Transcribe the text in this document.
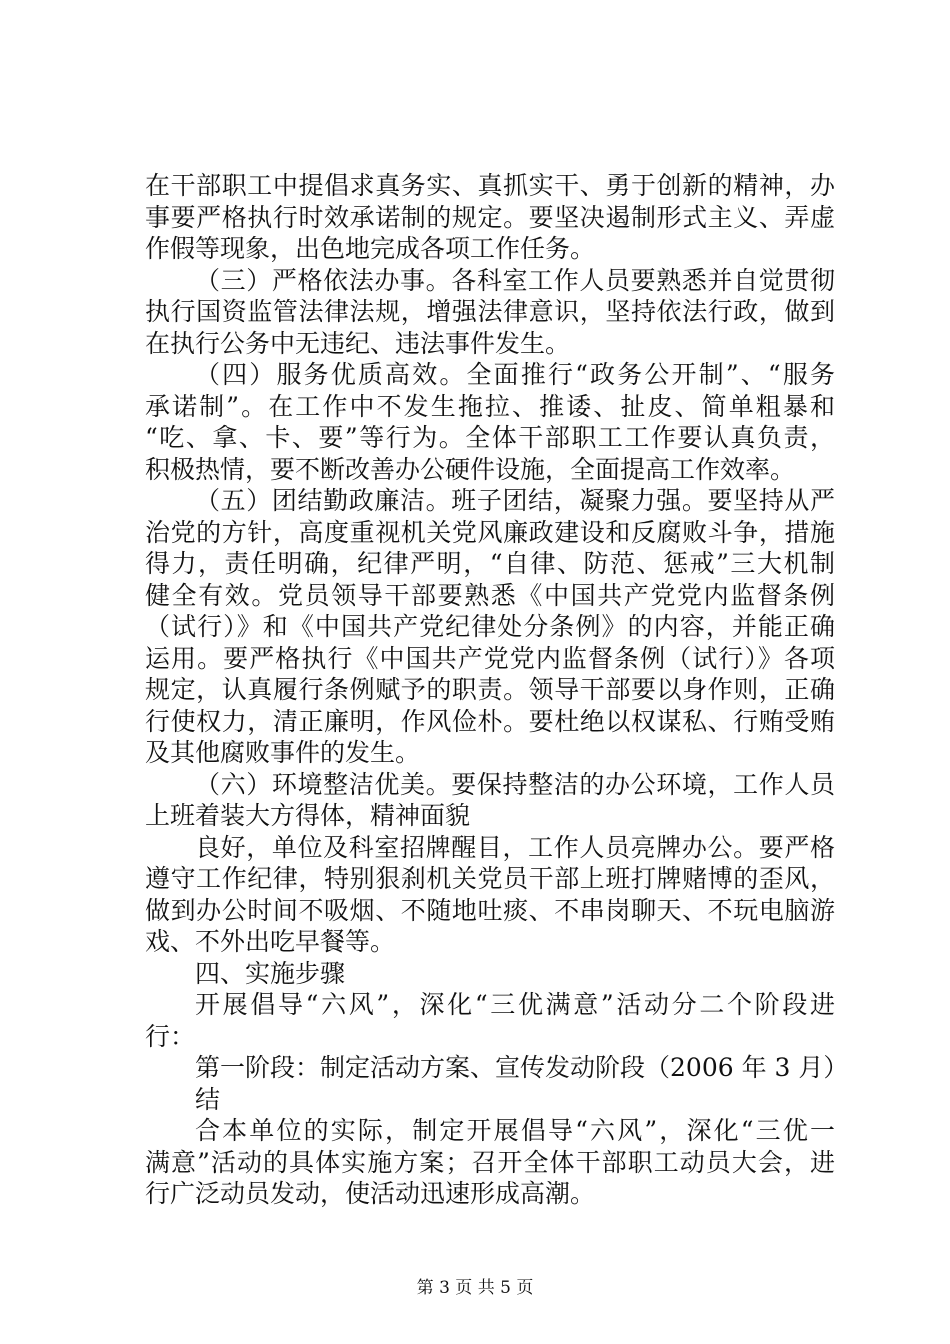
在干部职工中提倡求真务实、真抓实干、勇于创新的精神，办
事要严格执行时效承诺制的规定。要坚决遏制形式主义、弄虚
作假等现象，出色地完成各项工作任务。
（三）严格依法办事。各科室工作人员要熟悉并自觉贯彻
执行国资监管法律法规，增强法律意识，坚持依法行政，做到
在执行公务中无违纪、违法事件发生。
（四）服务优质高效。全面推行“政务公开制”、“服务
承诺制”。在工作中不发生拖拉、推诿、扯皮、简单粗暴和
“吃、拿、卡、要”等行为。全体干部职工工作要认真负责，
积极热情，要不断改善办公硬件设施，全面提高工作效率。
（五）团结勤政廉洁。班子团结，凝聚力强。要坚持从严
治党的方针，高度重视机关党风廉政建设和反腐败斗争，措施
得力，责任明确，纪律严明，“自律、防范、惩戒”三大机制
健全有效。党员领导干部要熟悉《中国共产党党内监督条例
（试行）》和《中国共产党纪律处分条例》的内容，并能正确
运用。要严格执行《中国共产党党内监督条例（试行）》各项
规定，认真履行条例赋予的职责。领导干部要以身作则，正确
行使权力，清正廉明，作风俭朴。要杜绝以权谋私、行贿受贿
及其他腐败事件的发生。
（六）环境整洁优美。要保持整洁的办公环境，工作人员
上班着装大方得体，精神面貌
良好，单位及科室招牌醒目，工作人员亮牌办公。要严格
遵守工作纪律，特别狠刹机关党员干部上班打牌赌博的歪风，
做到办公时间不吸烟、不随地吐痰、不串岗聊天、不玩电脑游
戏、不外出吃早餐等。
四、实施步骤
开展倡导“六风”，深化“三优满意”活动分二个阶段进
行：
第一阶段：制定活动方案、宣传发动阶段（2006 年 3 月）
结
合本单位的实际，制定开展倡导“六风”，深化“三优一
满意”活动的具体实施方案；召开全体干部职工动员大会，进
行广泛动员发动，使活动迅速形成高潮。
第 3 页 共 5 页
